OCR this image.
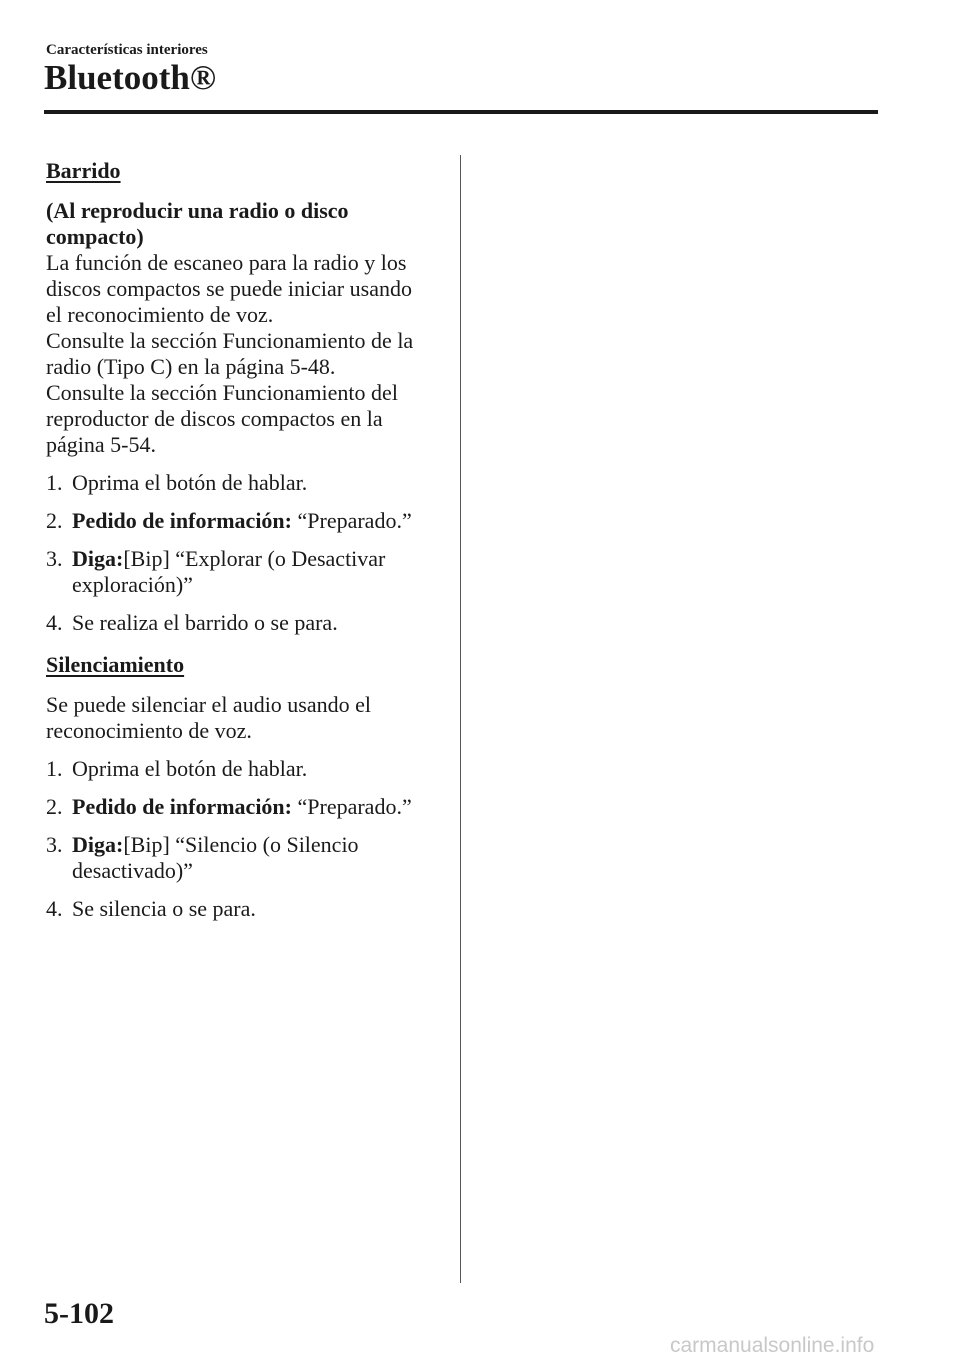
Características interiores
Bluetooth®

Barrido

(Al reproducir una radio o disco

compacto)

La función de escaneo para la radio y los

discos compactos se puede iniciar usando

el reconocimiento de voz.

Consulte la sección Funcionamiento de la

radio (Tipo C) en la página 5-48.

Consulte la sección Funcionamiento del

reproductor de discos compactos en la

página 5-54.

1. Oprima el botón de hablar.
2. Pedido de información: “Preparado.”
3. Diga:[Bip] “Explorar (o Desactivar
exploración)”
4. Se realiza el barrido o se para.

Silenciamiento

Se puede silenciar el audio usando el

reconocimiento de voz.

1. Oprima el botón de hablar.
2. Pedido de información: “Preparado.”
3. Diga:[Bip] “Silencio (o Silencio
desactivado)”
4. Se silencia o se para.
5-102
carmanualsonline.info
